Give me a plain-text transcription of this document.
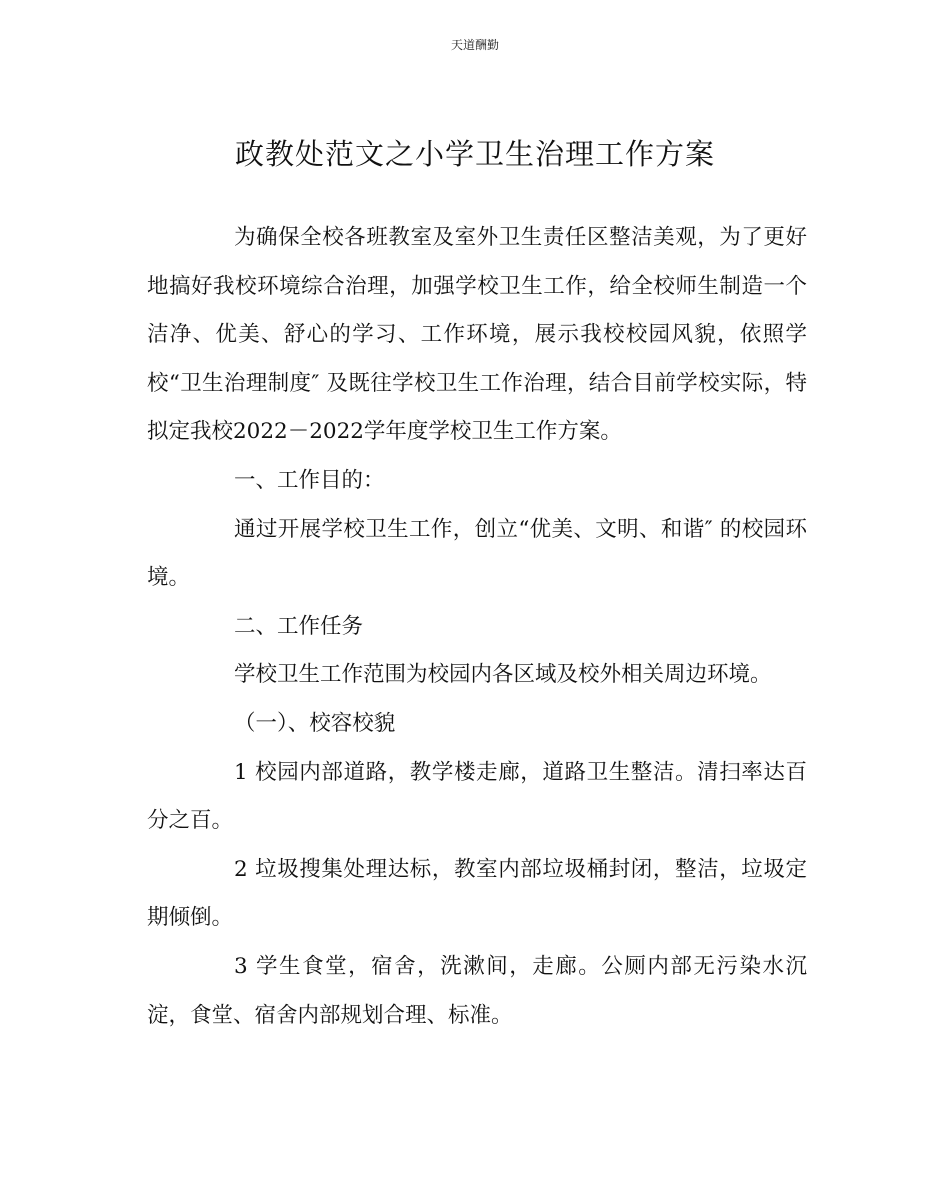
天道酬勤
政教处范文之小学卫生治理工作方案

为确保全校各班教室及室外卫生责任区整洁美观，为了更好地搞好我校环境综合治理，加强学校卫生工作，给全校师生制造一个洁净、优美、舒心的学习、工作环境，展示我校校园风貌，依照学校“卫生治理制度″ 及既往学校卫生工作治理，结合目前学校实际，特拟定我校2022－2022学年度学校卫生工作方案。

一、工作目的：

通过开展学校卫生工作，创立“优美、文明、和谐″ 的校园环境。

二、工作任务

学校卫生工作范围为校园内各区域及校外相关周边环境。

（一）、校容校貌

1 校园内部道路，教学楼走廊，道路卫生整洁。清扫率达百分之百。

2 垃圾搜集处理达标，教室内部垃圾桶封闭，整洁，垃圾定期倾倒。

3 学生食堂，宿舍，洗漱间，走廊。公厕内部无污染水沉淀，食堂、宿舍内部规划合理、标准。
